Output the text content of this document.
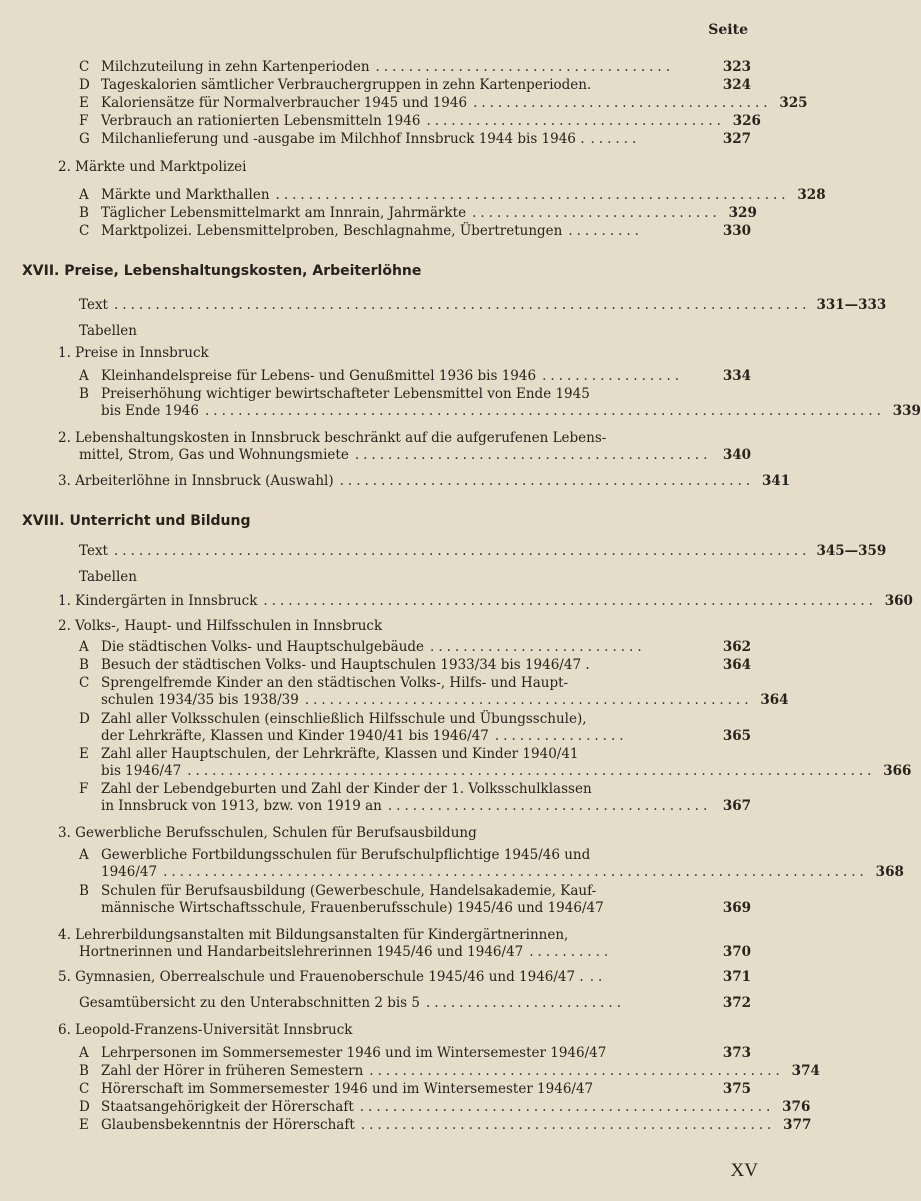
Seite
C Milchzuteilung in zehn Kartenperioden ....................................	323
D Tageskalorien sämtlicher Verbrauchergruppen in zehn Kartenperioden.	324
E Kaloriensätze für Normalverbraucher 1945 und 1946 .................................... 325
F Verbrauch an rationierten Lebensmitteln 1946 .................................... 326
G Milchanlieferung und -ausgabe im Milchhof Innsbruck 1944 bis 1946 . ......	327
2. Märkte und Marktpolizei
A Märkte und Markthallen .............................................................. 328
B Täglicher Lebensmittelmarkt am Innrain, Jahrmärkte .............................. 329
C Marktpolizei. Lebensmittelproben, Beschlagnahme, Übertretungen .........	330
XVII. Preise, Lebenshaltungskosten, Arbeiterlöhne
Text .................................................................................... 331—333
Tabellen
1. Preise in Innsbruck
A Kleinhandelspreise für Lebens- und Genußmittel 1936 bis 1946 .................	334
B Preiserhöhung wichtiger bewirtschafteter Lebensmittel von Ende 1945
bis Ende 1946 .................................................................................. 339
2. Lebenshaltungskosten in Innsbruck beschränkt auf die aufgerufenen Lebens-
mittel, Strom, Gas und Wohnungsmiete ........................................... 340
3. Arbeiterlöhne in Innsbruck (Auswahl) .................................................. 341
XVIII. Unterricht und Bildung
Text .................................................................................... 345—359
Tabellen
1. Kindergärten in Innsbruck .......................................................................... 360
2. Volks-, Haupt- und Hilfsschulen in Innsbruck
A Die städtischen Volks- und Hauptschulgebäude ..........................	362
B Besuch der städtischen Volks- und Hauptschulen 1933/34 bis 1946/47 .	364
C Sprengelfremde Kinder an den städtischen Volks-, Hilfs- und Haupt-
schulen 1934/35 bis 1938/39 ...................................................... 364
D Zahl aller Volksschulen (einschließlich Hilfsschule und Übungsschule),
der Lehrkräfte, Klassen und Kinder 1940/41 bis 1946/47 ................	365
E Zahl aller Hauptschulen, der Lehrkräfte, Klassen und Kinder 1940/41
bis 1946/47 ................................................................................... 366
F Zahl der Lebendgeburten und Zahl der Kinder der 1. Volksschulklassen
in Innsbruck von 1913, bzw. von 1919 an ....................................... 367
3. Gewerbliche Berufsschulen, Schulen für Berufsausbildung
A Gewerbliche Fortbildungsschulen für Berufschulpflichtige 1945/46 und
1946/47 ..................................................................................... 368
B Schulen für Berufsausbildung (Gewerbeschule, Handelsakademie, Kauf-
männische Wirtschaftsschule, Frauenberufsschule) 1945/46 und 1946/47	369
4. Lehrerbildungsanstalten mit Bildungsanstalten für Kindergärtnerinnen,
Hortnerinnen und Handarbeitslehrerinnen 1945/46 und 1946/47 ..........	370
5. Gymnasien, Oberrealschule und Frauenoberschule 1945/46 und 1946/47 . ..	371
Gesamtübersicht zu den Unterabschnitten 2 bis 5 ........................	372
6. Leopold-Franzens-Universität Innsbruck
A Lehrpersonen im Sommersemester 1946 und im Wintersemester 1946/47	373
B Zahl der Hörer in früheren Semestern .................................................. 374
C Hörerschaft im Sommersemester 1946 und im Wintersemester 1946/47	375
D Staatsangehörigkeit der Hörerschaft .................................................. 376
E Glaubensbekenntnis der Hörerschaft .................................................. 377
XV
